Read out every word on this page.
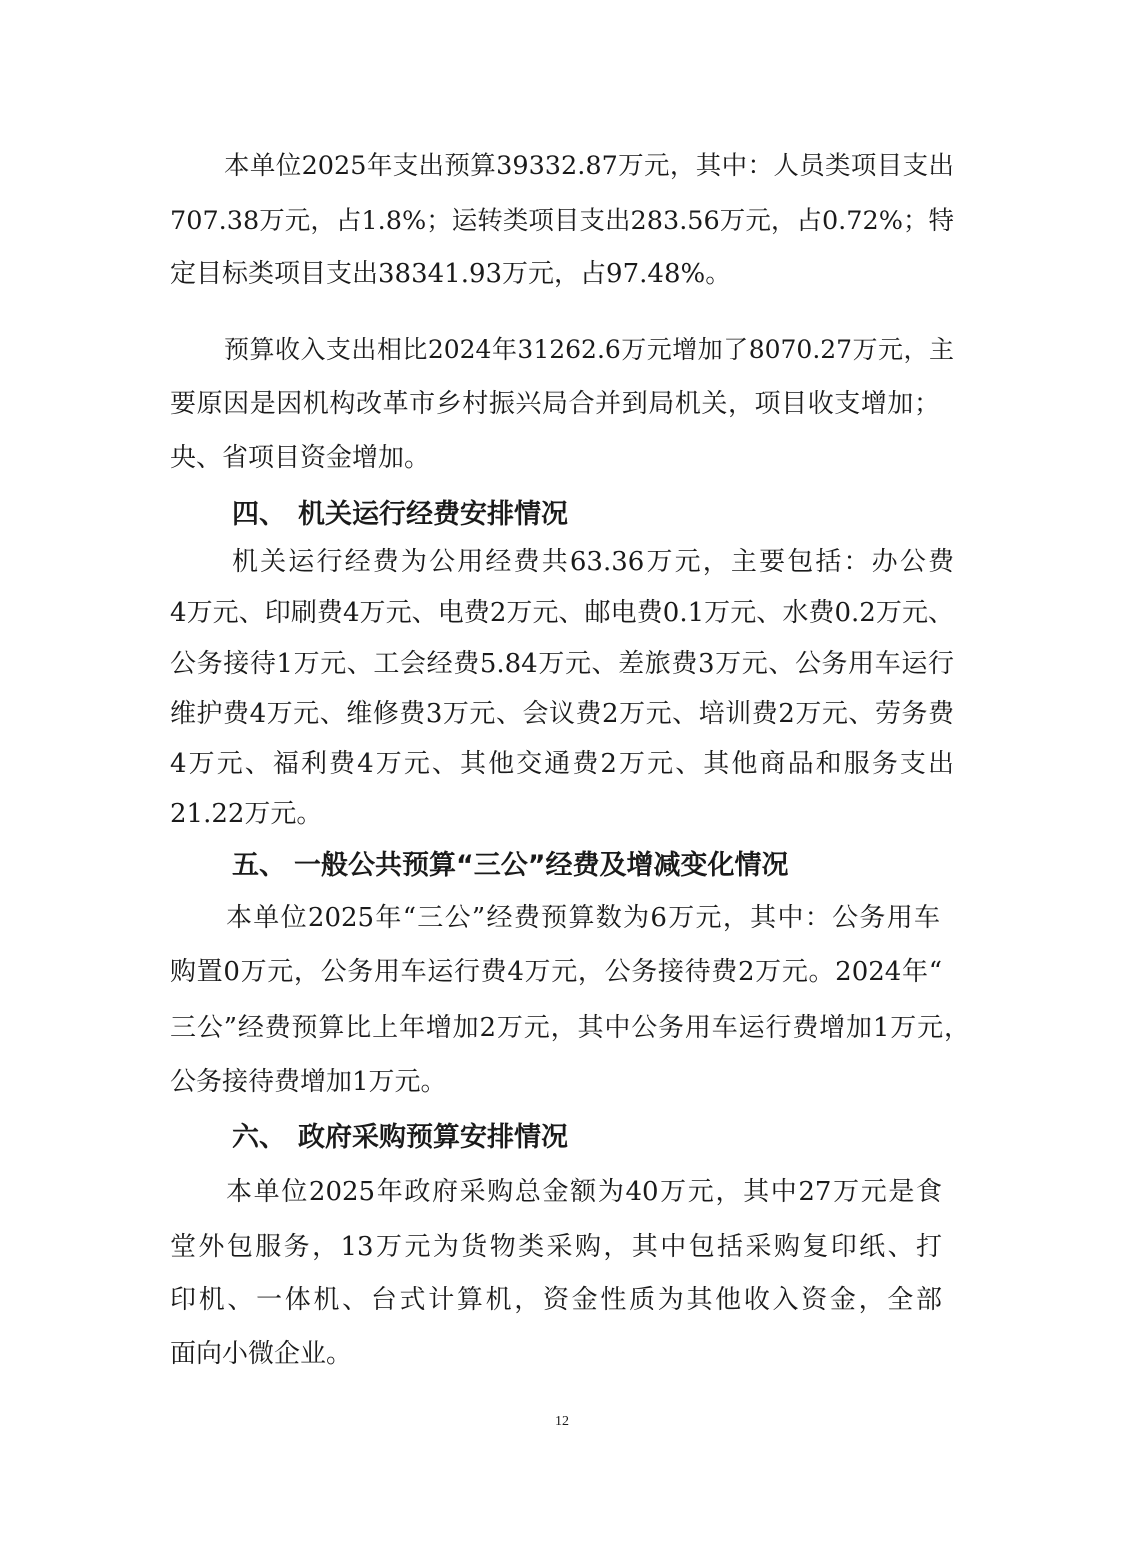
本单位2025年支出预算39332.87万元，其中：人员类项目支出
707.38万元，占1.8%；运转类项目支出283.56万元，占0.72%；特
定目标类项目支出38341.93万元，占97.48%。
预算收入支出相比2024年31262.6万元增加了8070.27万元，主
要原因是因机构改革市乡村振兴局合并到局机关，项目收支增加；
央、省项目资金增加。
四、 机关运行经费安排情况
机关运行经费为公用经费共63.36万元，主要包括：办公费
4万元、印刷费4万元、电费2万元、邮电费0.1万元、水费0.2万元、
公务接待1万元、工会经费5.84万元、差旅费3万元、公务用车运行
维护费4万元、维修费3万元、会议费2万元、培训费2万元、劳务费
4万元、福利费4万元、其他交通费2万元、其他商品和服务支出
21.22万元。
五、 一般公共预算“三公”经费及增减变化情况
本单位2025年“三公”经费预算数为6万元，其中：公务用车
购置0万元，公务用车运行费4万元，公务接待费2万元。2024年“
三公”经费预算比上年增加2万元，其中公务用车运行费增加1万元，
公务接待费增加1万元。
六、 政府采购预算安排情况
本单位2025年政府采购总金额为40万元，其中27万元是食
堂外包服务，13万元为货物类采购，其中包括采购复印纸、打
印机、一体机、台式计算机，资金性质为其他收入资金，全部
面向小微企业。
12
